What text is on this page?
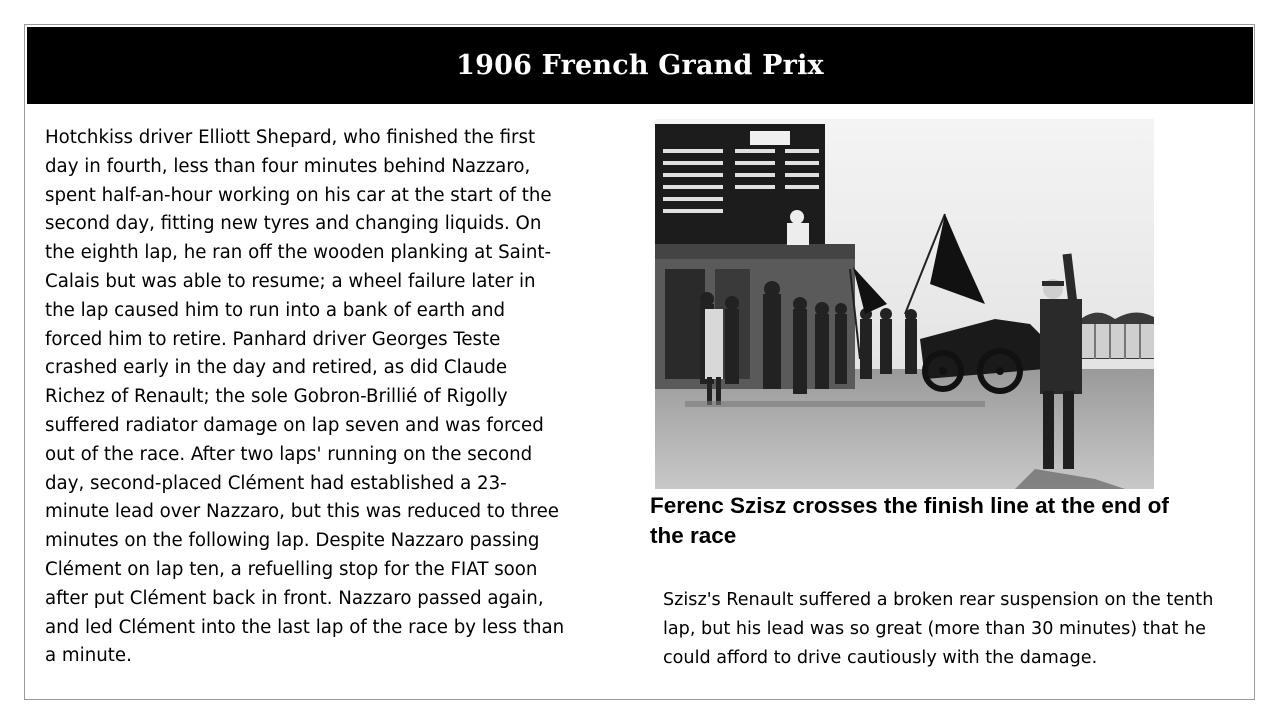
1906 French Grand Prix

Hotchkiss driver Elliott Shepard, who finished the first day in fourth, less than four minutes behind Nazzaro, spent half-an-hour working on his car at the start of the second day, fitting new tyres and changing liquids. On the eighth lap, he ran off the wooden planking at Saint-Calais but was able to resume; a wheel failure later in the lap caused him to run into a bank of earth and forced him to retire. Panhard driver Georges Teste crashed early in the day and retired, as did Claude Richez of Renault; the sole Gobron-Brillié of Rigolly suffered radiator damage on lap seven and was forced out of the race. After two laps' running on the second day, second-placed Clément had established a 23-minute lead over Nazzaro, but this was reduced to three minutes on the following lap. Despite Nazzaro passing Clément on lap ten, a refuelling stop for the FIAT soon after put Clément back in front. Nazzaro passed again, and led Clément into the last lap of the race by less than a minute.

Ferenc Szisz crosses the finish line at the end of the race

Szisz's Renault suffered a broken rear suspension on the tenth lap, but his lead was so great (more than 30 minutes) that he could afford to drive cautiously with the damage.
